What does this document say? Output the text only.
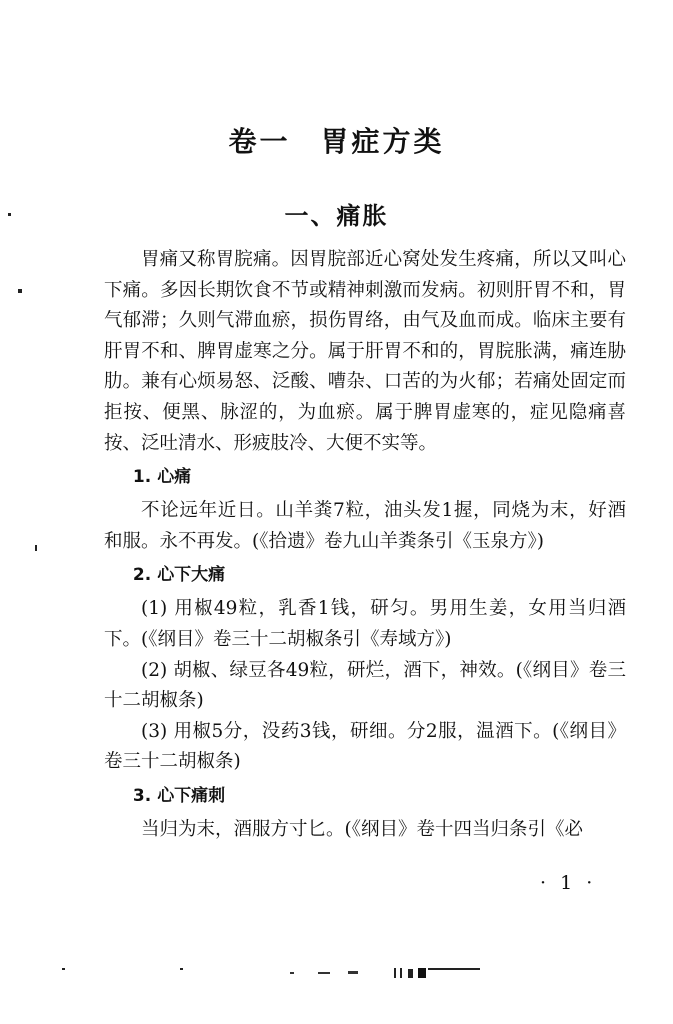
卷一 胃症方类
一、痛胀

胃痛又称胃脘痛。因胃脘部近心窝处发生疼痛，所以又叫心下痛。多因长期饮食不节或精神刺激而发病。初则肝胃不和，胃气郁滞；久则气滞血瘀，损伤胃络，由气及血而成。临床主要有肝胃不和、脾胃虚寒之分。属于肝胃不和的，胃脘胀满，痛连胁肋。兼有心烦易怒、泛酸、嘈杂、口苦的为火郁；若痛处固定而拒按、便黑、脉涩的，为血瘀。属于脾胃虚寒的，症见隐痛喜按、泛吐清水、形疲肢冷、大便不实等。

1. 心痛

不论远年近日。山羊粪7粒，油头发1握，同烧为末，好酒和服。永不再发。(《拾遗》卷九山羊粪条引《玉泉方》)

2. 心下大痛

(1) 用椒49粒，乳香1钱，研匀。男用生姜，女用当归酒下。(《纲目》卷三十二胡椒条引《寿域方》)

(2) 胡椒、绿豆各49粒，研烂，酒下，神效。(《纲目》卷三十二胡椒条)

(3) 用椒5分，没药3钱，研细。分2服，温酒下。(《纲目》卷三十二胡椒条)

3. 心下痛刺

当归为末，酒服方寸匕。(《纲目》卷十四当归条引《必

· 1 ·
